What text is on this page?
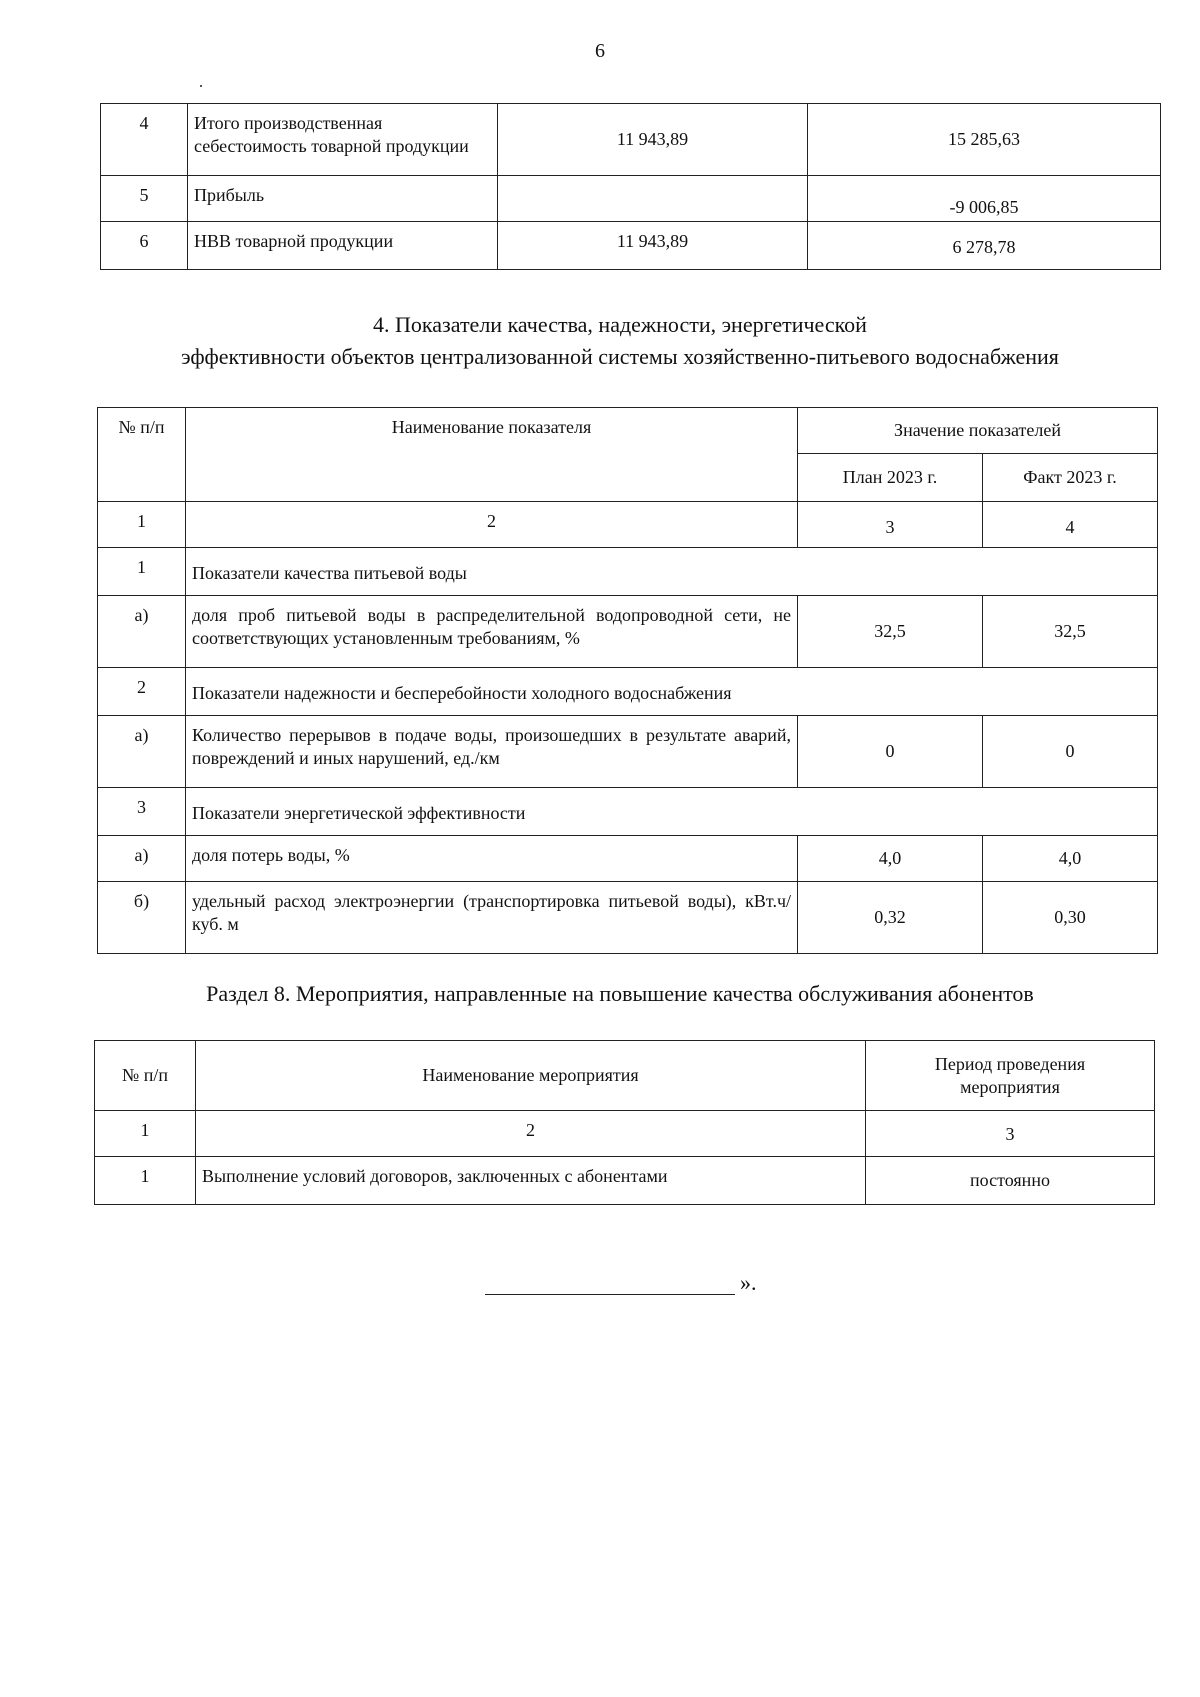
6
4	Итого производственная себестоимость товарной продукции	11 943,89	15 285,63
5	Прибыль		-9 006,85
6	НВВ товарной продукции	11 943,89	6 278,78
4. Показатели качества, надежности, энергетической
эффективности объектов централизованной системы хозяйственно-питьевого водоснабжения
№ п/п	Наименование показателя	Значение показателей	
		План 2023 г.	Факт 2023 г.
1	2	3	4
1	Показатели качества питьевой воды		
а)	доля проб питьевой воды в распределительной водопроводной сети, не соответствующих установленным требованиям, %	32,5	32,5
2	Показатели надежности и бесперебойности холодного водоснабжения		
а)	Количество перерывов в подаче воды, произошедших в результате аварий, повреждений и иных нарушений, ед./км	0	0
3	Показатели энергетической эффективности		
а)	доля потерь воды, %	4,0	4,0
б)	удельный расход электроэнергии (транспортировка питьевой воды), кВт.ч/куб. м	0,32	0,30
Раздел 8. Мероприятия, направленные на повышение качества обслуживания абонентов
№ п/п	Наименование мероприятия	Период проведения мероприятия
1	2	3
1	Выполнение условий договоров, заключенных с абонентами	постоянно
».
